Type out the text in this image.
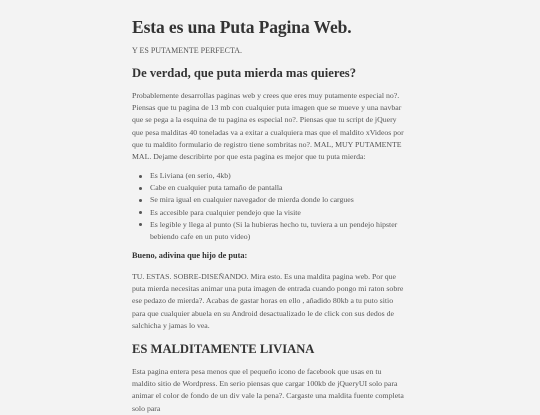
Esta es una Puta Pagina Web.

Y ES PUTAMENTE PERFECTA.

De verdad, que puta mierda mas quieres?

Probablemente desarrollas paginas web y crees que eres muy putamente especial no?. Piensas que tu pagina de 13 mb con cualquier puta imagen que se mueve y una navbar que se pega a la esquina de tu pagina es especial no?. Piensas que tu script de jQuery que pesa malditas 40 toneladas va a exitar a cualquiera mas que el maldito xVideos por que tu maldito formulario de registro tiene sombritas no?. MAL, MUY PUTAMENTE MAL. Dejame describirte por que esta pagina es mejor que tu puta mierda:

Es Liviana (en serio, 4kb)
Cabe en cualquier puta tamaño de pantalla
Se mira igual en cualquier navegador de mierda donde lo cargues
Es accesible para cualquier pendejo que la visite
Es legible y llega al punto (Si la hubieras hecho tu, tuviera a un pendejo hipster bebiendo cafe en un puto video)
Bueno, adivina que hijo de puta:

TU. ESTAS. SOBRE-DISEÑANDO. Mira esto. Es una maldita pagina web. Por que puta mierda necesitas animar una puta imagen de entrada cuando pongo mi raton sobre ese pedazo de mierda?. Acabas de gastar horas en ello , añadido 80kb a tu puto sitio para que cualquier abuela en su Android desactualizado le de click con sus dedos de salchicha y jamas lo vea.

ES MALDITAMENTE LIVIANA

Esta pagina entera pesa menos que el pequeño icono de facebook que usas en tu maldito sitio de Wordpress. En serio piensas que cargar 100kb de jQueryUI solo para animar el color de fondo de un div vale la pena?. Cargaste una maldita fuente completa solo para
